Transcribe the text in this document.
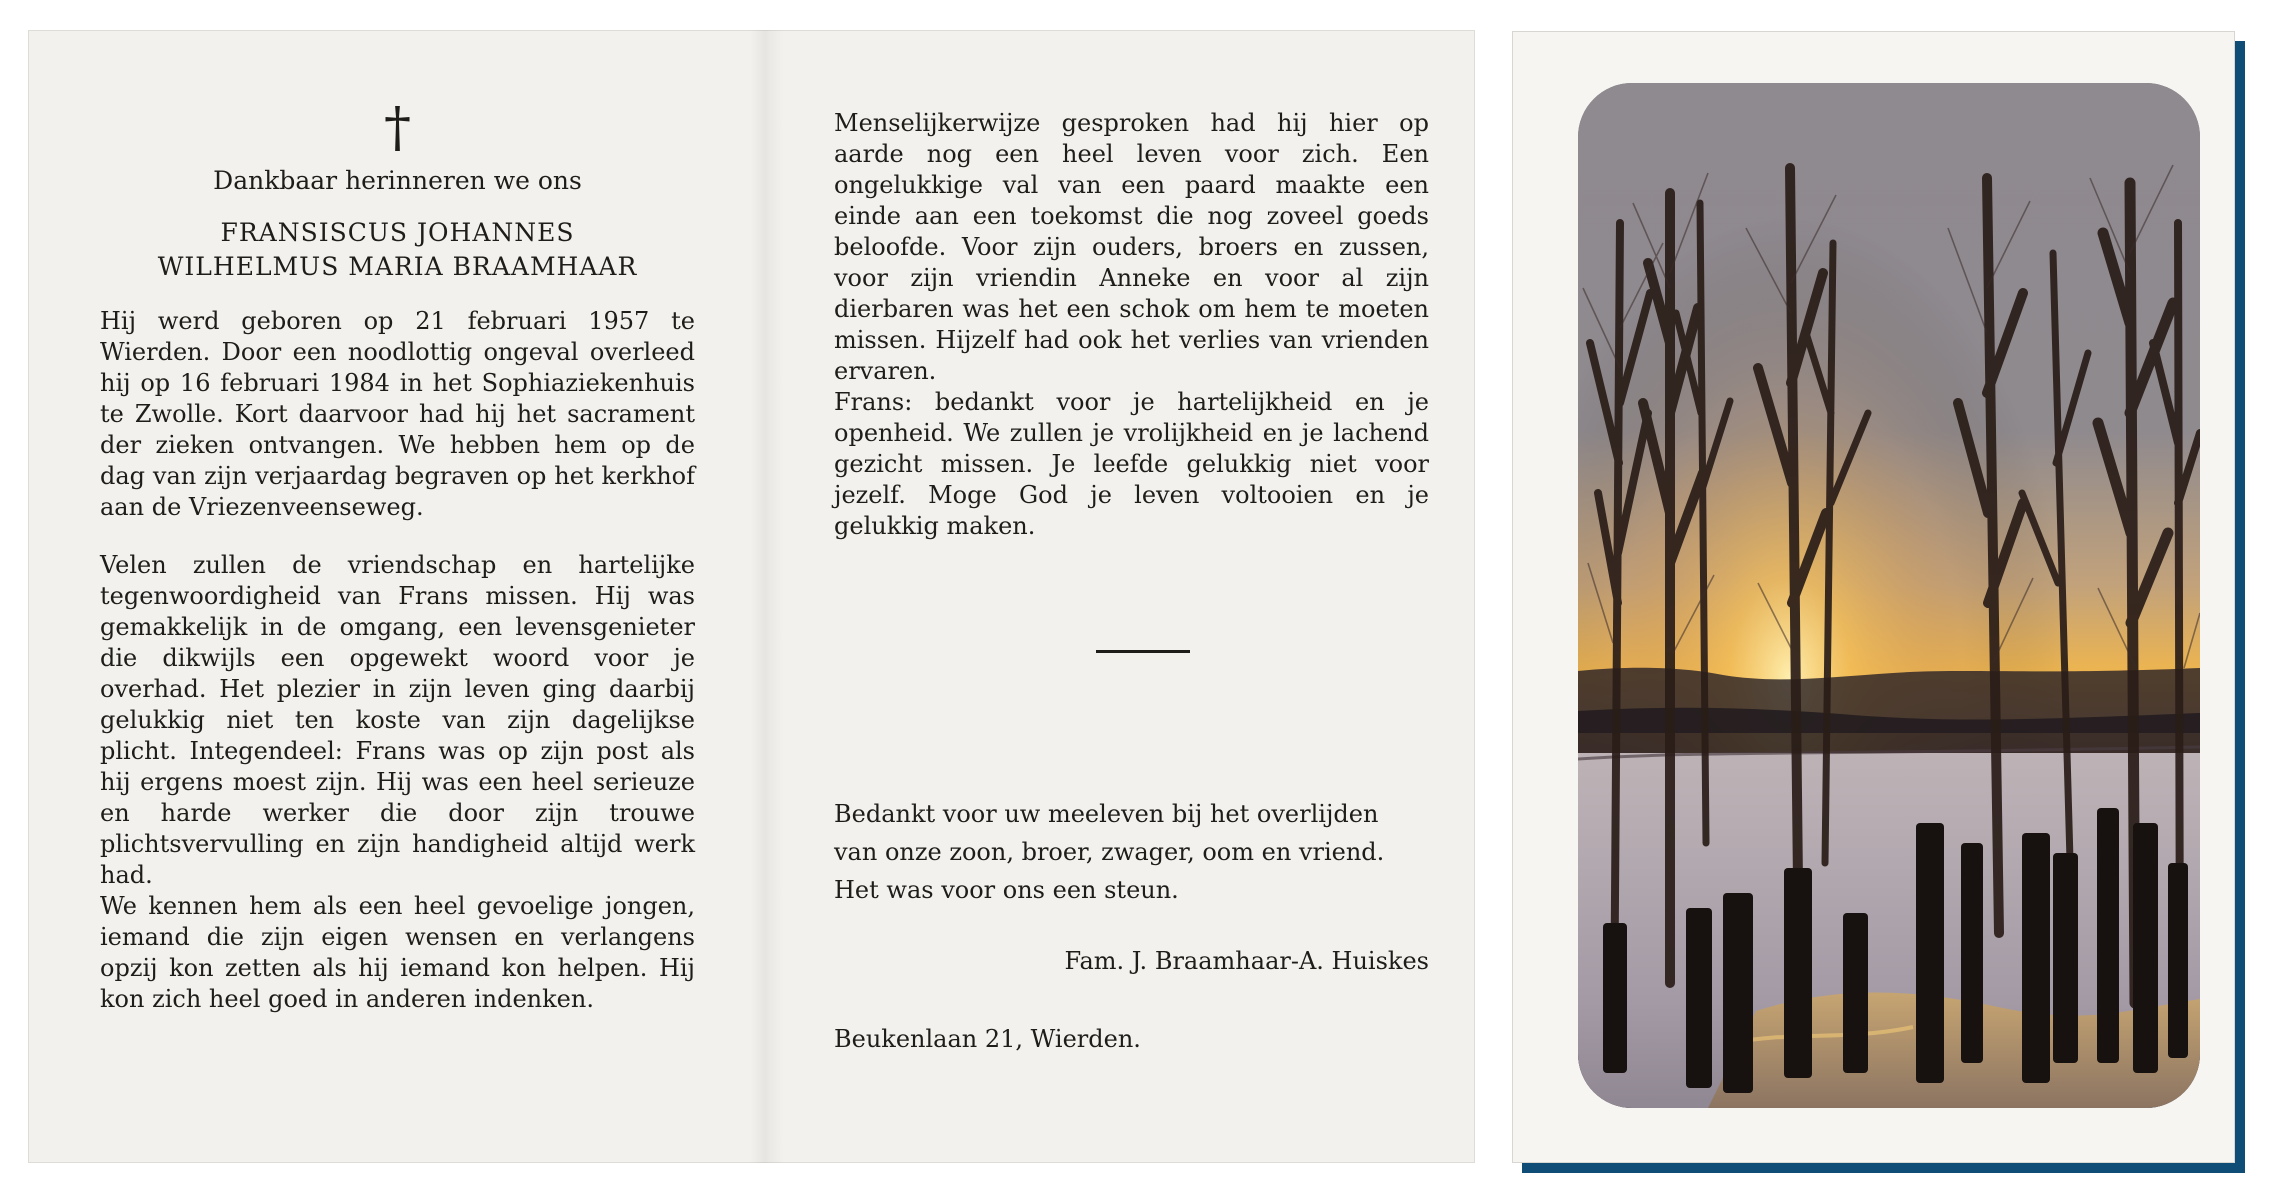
†
Dankbaar herinneren we ons
FRANSISCUS JOHANNES
WILHELMUS MARIA BRAAMHAAR

Hij werd geboren op 21 februari 1957 te Wierden. Door een noodlottig ongeval overleed hij op 16 februari 1984 in het Sophiaziekenhuis te Zwolle. Kort daarvoor had hij het sacrament der zieken ontvangen. We hebben hem op de dag van zijn verjaardag begraven op het kerkhof aan de Vriezenveenseweg.

Velen zullen de vriendschap en hartelijke tegenwoordigheid van Frans missen. Hij was gemakkelijk in de omgang, een levensgenieter die dikwijls een opgewekt woord voor je overhad. Het plezier in zijn leven ging daarbij gelukkig niet ten koste van zijn dagelijkse plicht. Integendeel: Frans was op zijn post als hij ergens moest zijn. Hij was een heel serieuze en harde werker die door zijn trouwe plichtsvervulling en zijn handigheid altijd werk had.

We kennen hem als een heel gevoelige jongen, iemand die zijn eigen wensen en verlangens opzij kon zetten als hij iemand kon helpen. Hij kon zich heel goed in anderen indenken.

Menselijkerwijze gesproken had hij hier op aarde nog een heel leven voor zich. Een ongelukkige val van een paard maakte een einde aan een toekomst die nog zoveel goeds beloofde. Voor zijn ouders, broers en zussen, voor zijn vriendin Anneke en voor al zijn dierbaren was het een schok om hem te moeten missen. Hijzelf had ook het verlies van vrienden ervaren.

Frans: bedankt voor je hartelijkheid en je openheid. We zullen je vrolijkheid en je lachend gezicht missen. Je leefde gelukkig niet voor jezelf. Moge God je leven voltooien en je gelukkig maken.

Bedankt voor uw meeleven bij het overlijden van onze zoon, broer, zwager, oom en vriend.
Het was voor ons een steun.
Fam. J. Braamhaar-A. Huiskes
Beukenlaan 21, Wierden.
